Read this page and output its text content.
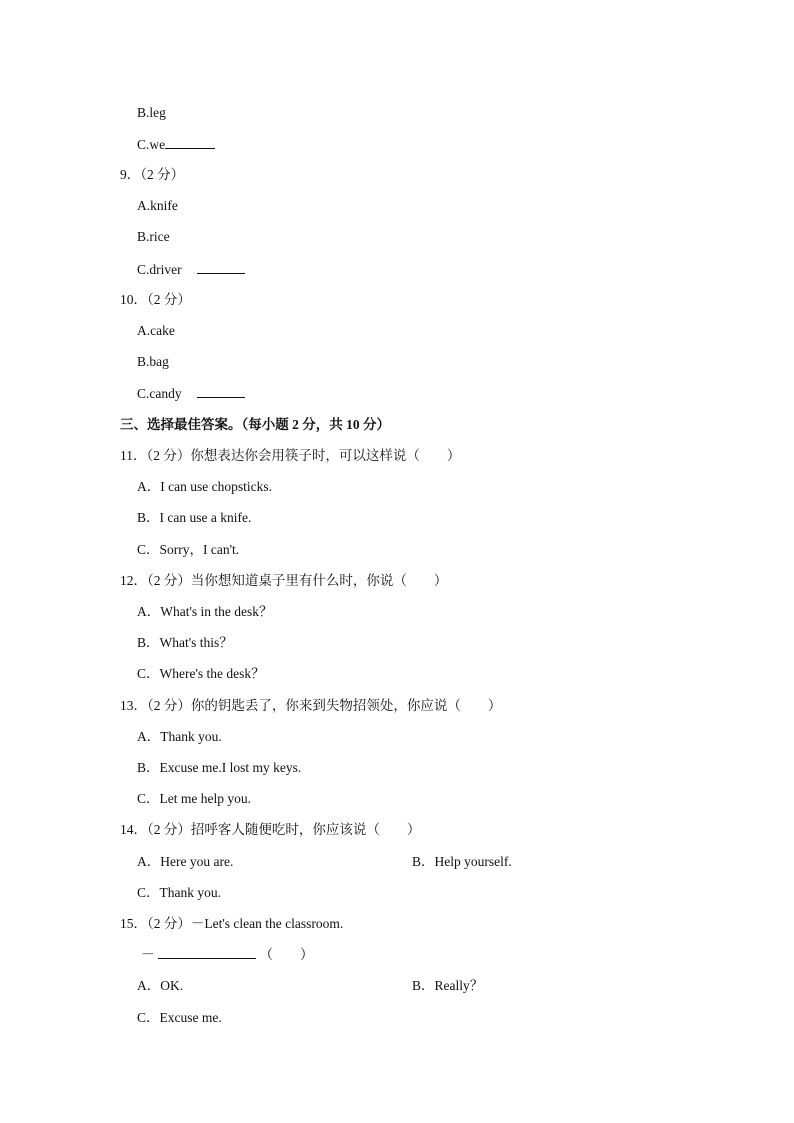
B.leg
C.we
9．（2 分）
A.knife
B.rice
C.driver
10．（2 分）
A.cake
B.bag
C.candy
三、选择最佳答案。（每小题 2 分，共 10 分）
11．（2 分）你想表达你会用筷子时，可以这样说（　　）
A．I can use chopsticks.
B．I can use a knife.
C．Sorry，I can't.
12．（2 分）当你想知道桌子里有什么时，你说（　　）
A．What's in the desk？
B．What's this？
C．Where's the desk？
13．（2 分）你的钥匙丢了，你来到失物招领处，你应说（　　）
A．Thank you.
B．Excuse me.I lost my keys.
C．Let me help you.
14．（2 分）招呼客人随便吃时，你应该说（　　）
A．Here you are.	B．Help yourself.
C．Thank you.
15．（2 分）－Let's clean the classroom.
－	（　　）
A．OK.	B．Really？
C．Excuse me.
